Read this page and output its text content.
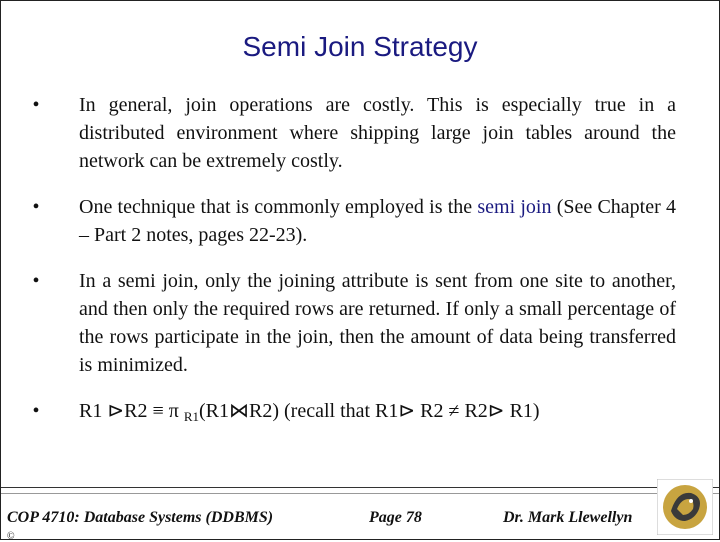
Semi Join Strategy
• In general, join operations are costly. This is especially true in a distributed environment where shipping large join tables around the network can be extremely costly.
• One technique that is commonly employed is the semi join (See Chapter 4 – Part 2 notes, pages 22-23).
• In a semi join, only the joining attribute is sent from one site to another, and then only the required rows are returned. If only a small percentage of the rows participate in the join, then the amount of data being transferred is minimized.
• R1 ⊳R2 ≡ π $_{R1}$(R1⋈R2) (recall that R1⊳ R2 ≠ R2⊳ R1)
COP 4710: Database Systems (DDBMS)	Page 78	Dr. Mark Llewellyn
©
